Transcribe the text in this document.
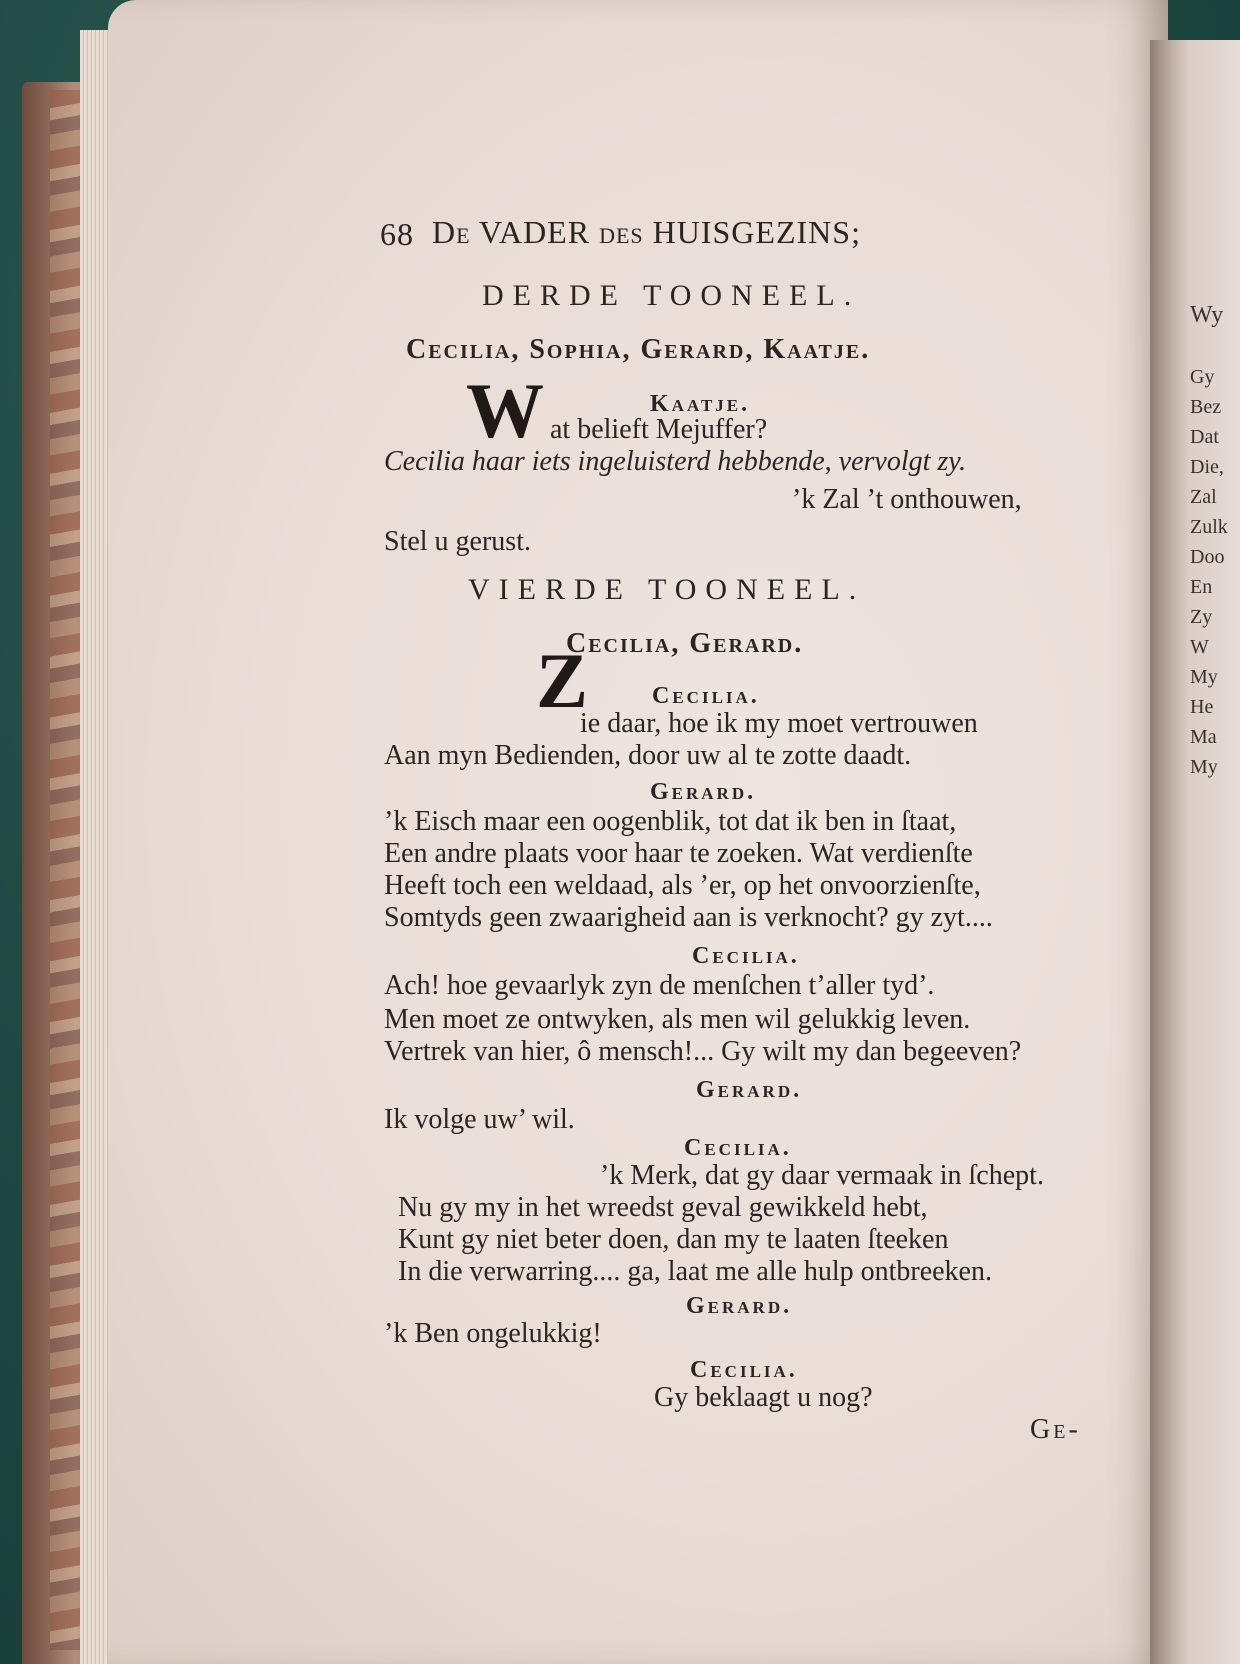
Wy
Gy
Bez
Dat
Die,
Zal
Zulk
Doo
En
Zy
W
My
He
Ma
My
68 De VADER des HUISGEZINS;
DERDE TOONEEL.
Cecilia, Sophia, Gerard, Kaatje.
Kaatje.
W at belieft Mejuffer?
Cecilia haar iets ingeluisterd hebbende, vervolgt zy.
’k Zal ’t onthouwen,
Stel u gerust.
VIERDE TOONEEL.
Cecilia, Gerard.
Cecilia.
Z
ie daar, hoe ik my moet vertrouwen
Aan myn Bedienden, door uw al te zotte daadt.
Gerard.
’k Eisch maar een oogenblik, tot dat ik ben in ſtaat,
Een andre plaats voor haar te zoeken. Wat verdienſte
Heeft toch een weldaad, als ’er, op het onvoorzienſte,
Somtyds geen zwaarigheid aan is verknocht? gy zyt....
Cecilia.
Ach! hoe gevaarlyk zyn de menſchen t’aller tyd’.
Men moet ze ontwyken, als men wil gelukkig leven.
Vertrek van hier, ô mensch!... Gy wilt my dan begeeven?
Gerard.
Ik volge uw’ wil.
Cecilia.
’k Merk, dat gy daar vermaak in ſchept.
Nu gy my in het wreedst geval gewikkeld hebt,
Kunt gy niet beter doen, dan my te laaten ſteeken
In die verwarring.... ga, laat me alle hulp ontbreeken.
Gerard.
’k Ben ongelukkig!
Cecilia.
Gy beklaagt u nog?
Ge-
